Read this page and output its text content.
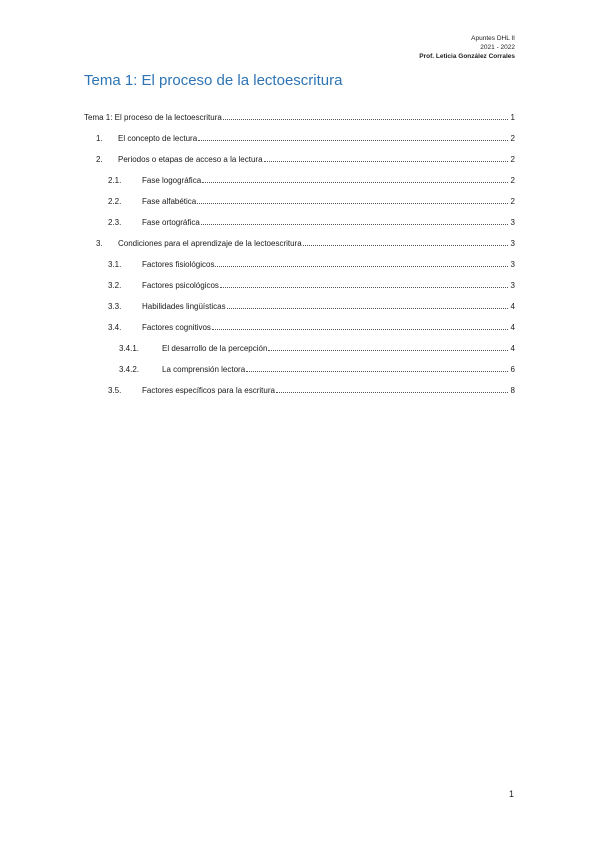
Apuntes DHL II
2021 - 2022
Prof. Leticia González Corrales
Tema 1: El proceso de la lectoescritura
Tema 1: El proceso de la lectoescritura	1
1.	El concepto de lectura	2
2.	Periodos o etapas de acceso a la lectura	2
2.1.	Fase logográfica	2
2.2.	Fase alfabética	2
2.3.	Fase ortográfica	3
3.	Condiciones para el aprendizaje de la lectoescritura	3
3.1.	Factores fisiológicos	3
3.2.	Factores psicológicos	3
3.3.	Habilidades lingüísticas	4
3.4.	Factores cognitivos	4
3.4.1.	El desarrollo de la percepción	4
3.4.2.	La comprensión lectora	6
3.5.	Factores específicos para la escritura	8
1
